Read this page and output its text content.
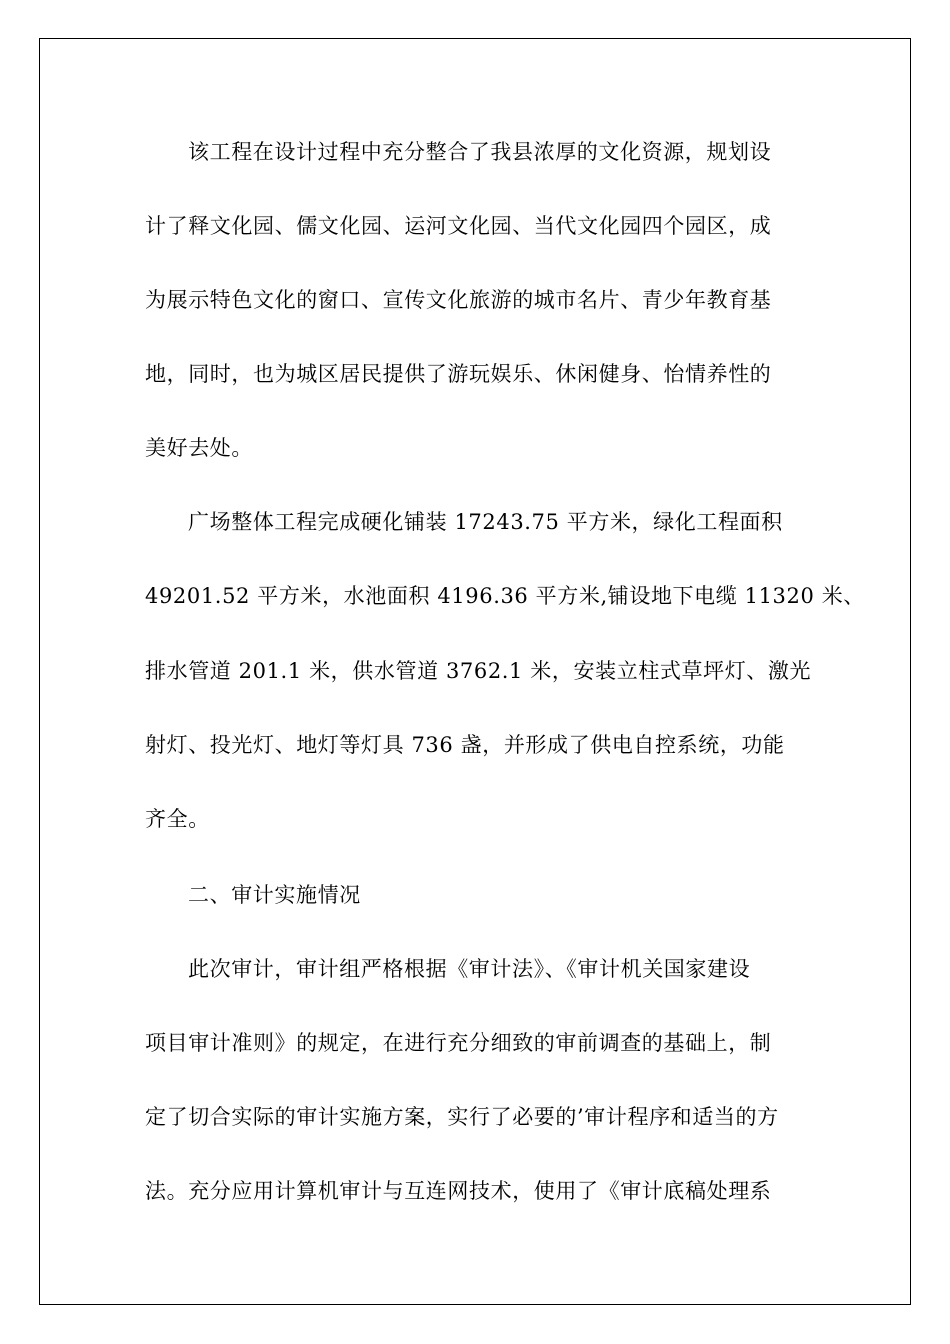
该工程在设计过程中充分整合了我县浓厚的文化资源，规划设
计了释文化园、儒文化园、运河文化园、当代文化园四个园区，成
为展示特色文化的窗口、宣传文化旅游的城市名片、青少年教育基
地，同时，也为城区居民提供了游玩娱乐、休闲健身、怡情养性的
美好去处。
广场整体工程完成硬化铺装 17243.75 平方米，绿化工程面积
49201.52 平方米，水池面积 4196.36 平方米,铺设地下电缆 11320 米、
排水管道 201.1 米，供水管道 3762.1 米，安装立柱式草坪灯、激光
射灯、投光灯、地灯等灯具 736 盏，并形成了供电自控系统，功能
齐全。
二、审计实施情况
此次审计，审计组严格根据《审计法》、《审计机关国家建设
项目审计准则》的规定，在进行充分细致的审前调查的基础上，制
定了切合实际的审计实施方案，实行了必要的’审计程序和适当的方
法。充分应用计算机审计与互连网技术，使用了《审计底稿处理系
